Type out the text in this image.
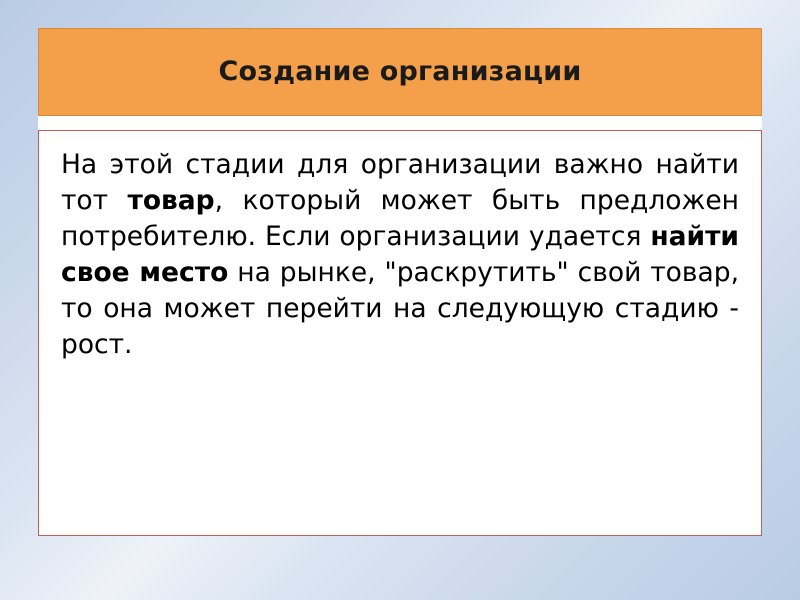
Создание организации
На этой стадии для организации важно найти тот товар, который может быть предложен потребителю. Если организации удается найти свое место на рынке, "раскрутить" свой товар, то она может перейти на следующую стадию - рост.
